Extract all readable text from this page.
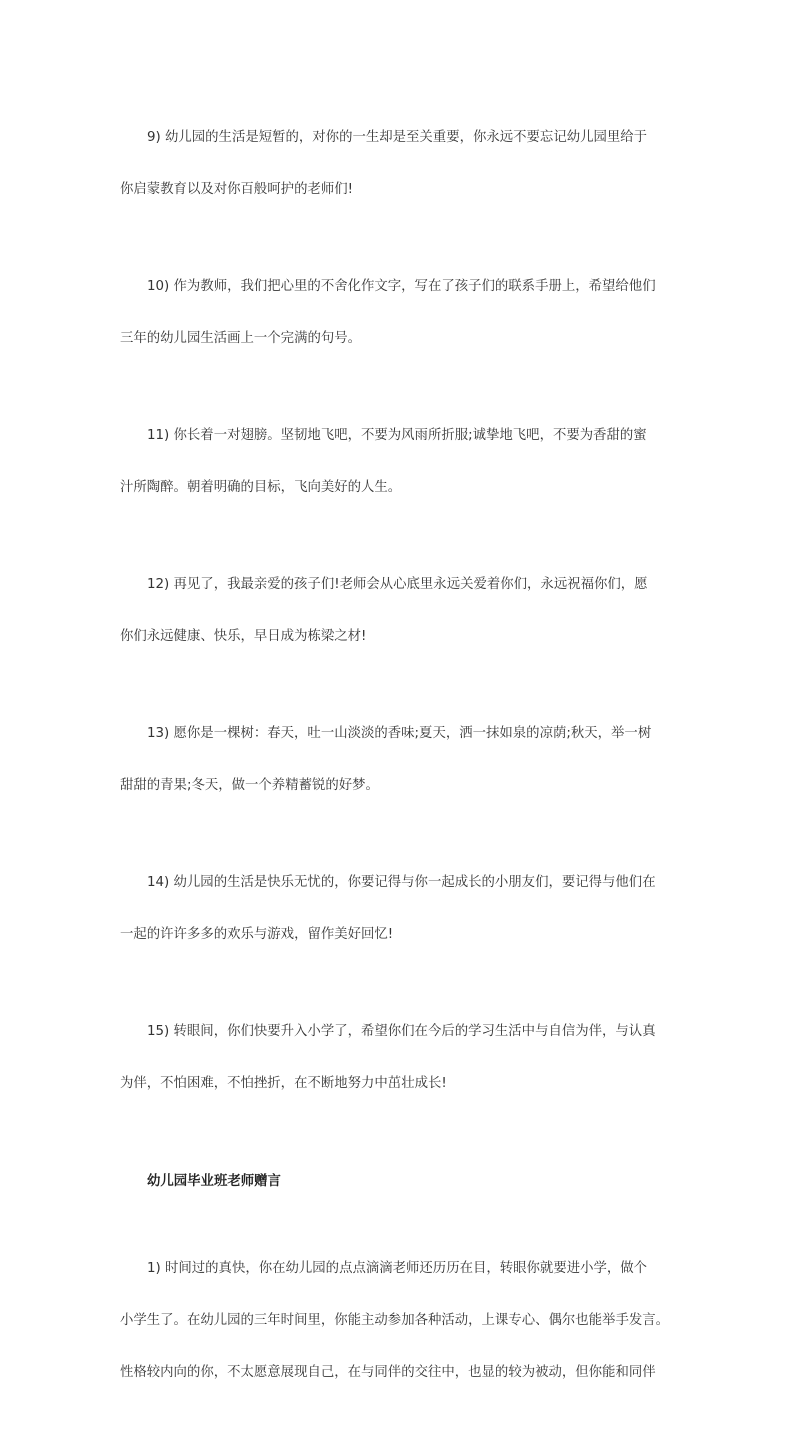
9) 幼儿园的生活是短暂的，对你的一生却是至关重要，你永远不要忘记幼儿园里给于
你启蒙教育以及对你百般呵护的老师们!
10) 作为教师，我们把心里的不舍化作文字，写在了孩子们的联系手册上，希望给他们
三年的幼儿园生活画上一个完满的句号。
11) 你长着一对翅膀。坚韧地飞吧，不要为风雨所折服;诚挚地飞吧，不要为香甜的蜜
汁所陶醉。朝着明确的目标，飞向美好的人生。
12) 再见了，我最亲爱的孩子们!老师会从心底里永远关爱着你们，永远祝福你们，愿
你们永远健康、快乐，早日成为栋梁之材!
13) 愿你是一棵树：春天，吐一山淡淡的香味;夏天，洒一抹如泉的凉荫;秋天，举一树
甜甜的青果;冬天，做一个养精蓄锐的好梦。
14) 幼儿园的生活是快乐无忧的，你要记得与你一起成长的小朋友们，要记得与他们在
一起的许许多多的欢乐与游戏，留作美好回忆!
15) 转眼间，你们快要升入小学了，希望你们在今后的学习生活中与自信为伴，与认真
为伴，不怕困难，不怕挫折，在不断地努力中茁壮成长!
幼儿园毕业班老师赠言
1) 时间过的真快，你在幼儿园的点点滴滴老师还历历在目，转眼你就要进小学，做个
小学生了。在幼儿园的三年时间里，你能主动参加各种活动，上课专心、偶尔也能举手发言。
性格较内向的你，不太愿意展现自己，在与同伴的交往中，也显的较为被动，但你能和同伴
